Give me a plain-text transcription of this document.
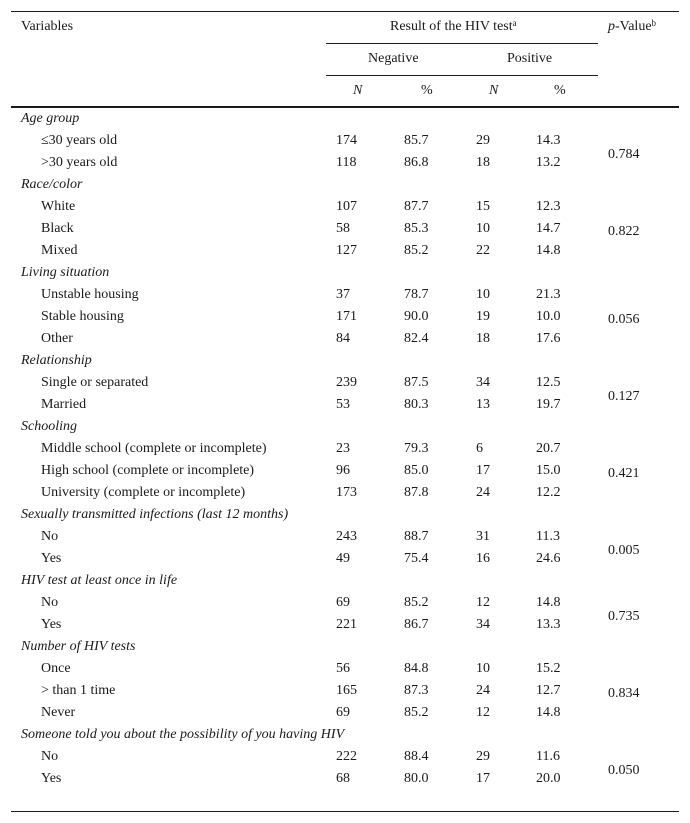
Variables	Result of the HIV test$^a$	p-Value$^b$
Negative	Positive
N	%	N	%
Age group
≤30 years old	174	85.7	29	14.3
>30 years old	118	86.8	18	13.2
0.784
Race/color
White	107	87.7	15	12.3
Black	58	85.3	10	14.7
Mixed	127	85.2	22	14.8
0.822
Living situation
Unstable housing	37	78.7	10	21.3
Stable housing	171	90.0	19	10.0
Other	84	82.4	18	17.6
0.056
Relationship
Single or separated	239	87.5	34	12.5
Married	53	80.3	13	19.7
0.127
Schooling
Middle school (complete or incomplete)	23	79.3	6	20.7
High school (complete or incomplete)	96	85.0	17	15.0
University (complete or incomplete)	173	87.8	24	12.2
0.421
Sexually transmitted infections (last 12 months)
No	243	88.7	31	11.3
Yes	49	75.4	16	24.6
0.005
HIV test at least once in life
No	69	85.2	12	14.8
Yes	221	86.7	34	13.3
0.735
Number of HIV tests
Once	56	84.8	10	15.2
> than 1 time	165	87.3	24	12.7
Never	69	85.2	12	14.8
0.834
Someone told you about the possibility of you having HIV
No	222	88.4	29	11.6
Yes	68	80.0	17	20.0
0.050
